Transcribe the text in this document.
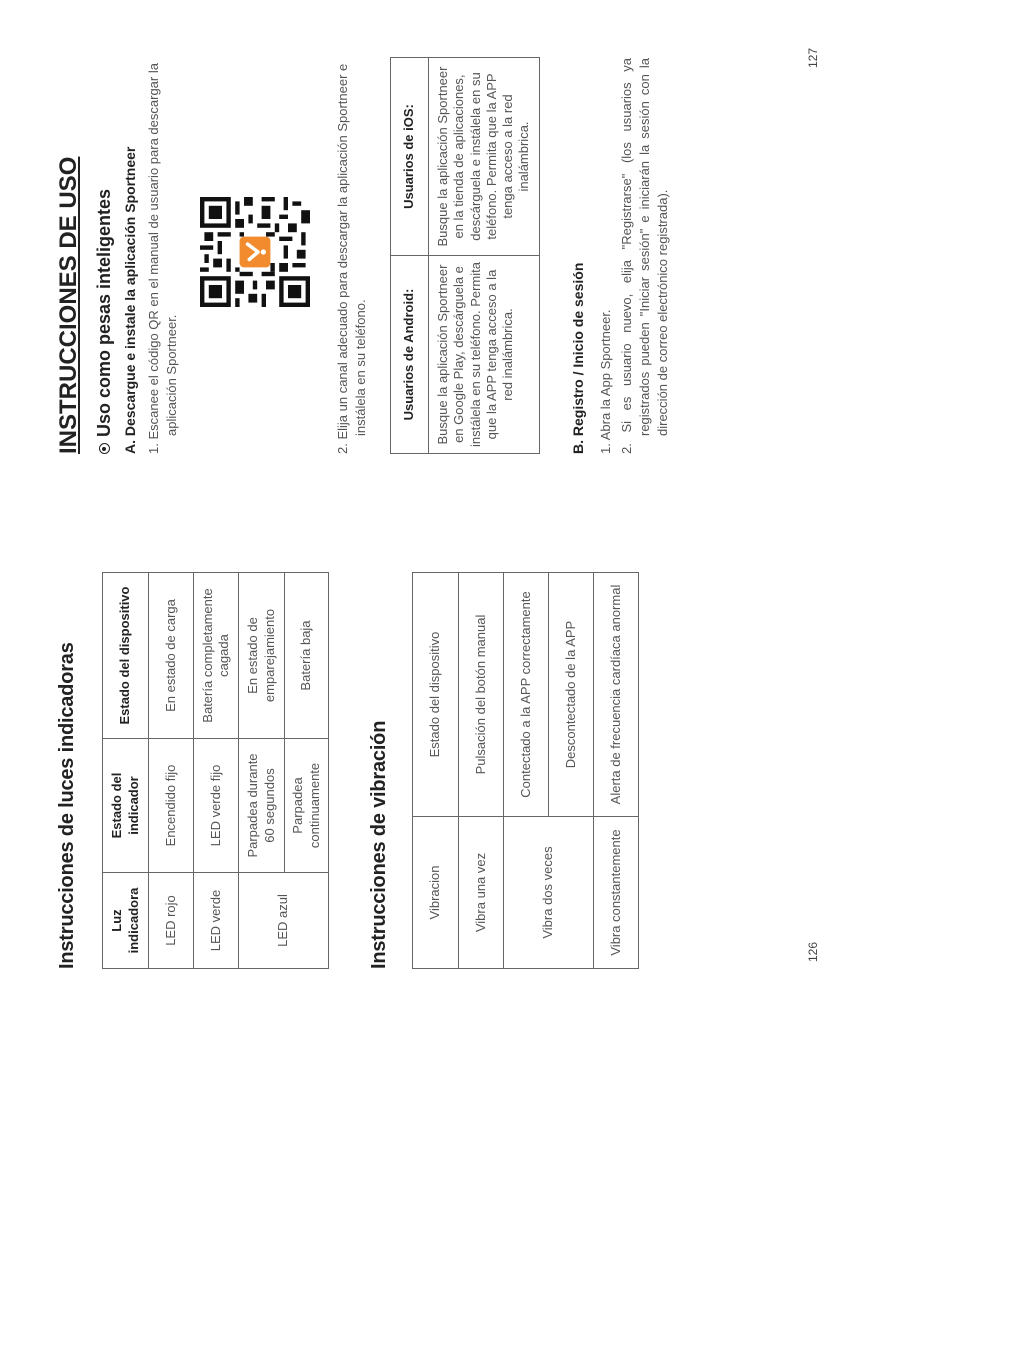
Instrucciones de luces indicadoras Luz indicadora	Estado del indicador	Estado del dispositivo
LED rojo	Encendido fijo	En estado de carga
LED verde	LED verde fijo	Batería completamente cagada
LED azul	Parpadea durante 60 segundos	En estado de emparejamiento
	Parpadea continuamente	Batería baja
Instrucciones de vibración	Vibracion	Estado del dispositivo
Vibra una vez	Pulsación del botón manual
Vibra dos veces	Contectado a la APP correctamente
	Descontectado de la APP
Vibra constantemente	Alerta de frecuencia cardíaca anormal
126
INSTRUCCIONES DE USO Uso como pesas inteligentes A. Descargue e instale la aplicación Sportneer 1. Escanee el código QR en el manual de usuario para descargar la aplicación Sportneer.	2. Elija un canal adecuado para descargar la aplicación Sportneer e instálela en su teléfono.	Usuarios de Android:	Usuarios de iOS:
Busque la aplicación Sportneer en Google Play, descárguela e instálela en su teléfono. Permita que la APP tenga acceso a la red inalámbrica.	Busque la aplicación Sportneer en la tienda de aplicaciones, descárguela e instálela en su teléfono. Permita que la APP tenga acceso a la red inalámbrica.
B. Registro / Inicio de sesión 1. Abra la App Sportneer. 2. Si es usuario nuevo, elija "Registrarse" (los usuarios ya registrados pueden "Iniciar sesión" e iniciarán la sesión con la dirección de correo electrónico registrada).
127
